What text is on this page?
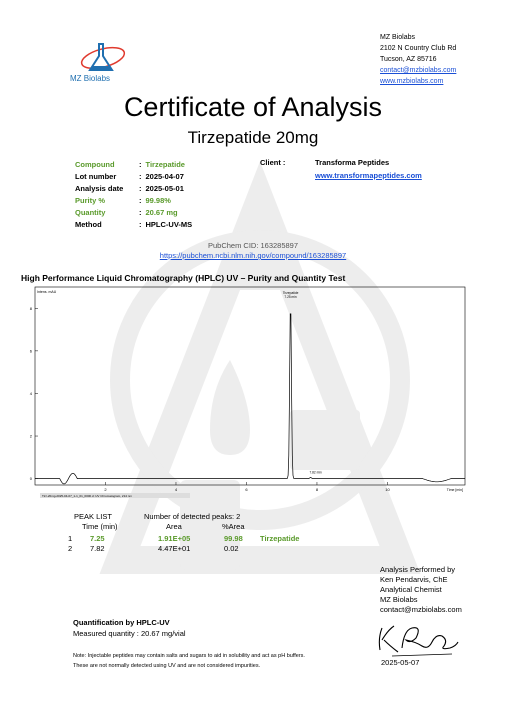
MZ Biolabs
MZ Biolabs
2102 N Country Club Rd
Tucson, AZ 85716
contact@mzbiolabs.com
www.mzbiolabs.com
Certificate of Analysis
Tirzepatide 20mg
Compound	:	Tirzepatide
Lot number	:	2025-04-07
Analysis date	:	2025-05-01
Purity %	:	99.98%
Quantity	:	20.67 mg
Method	:	HPLC-UV-MS
Client :	Transforma Peptides
www.transformapeptides.com
PubChem CID: 163285897
https://pubchem.ncbi.nlm.nih.gov/compound/163285897
High Performance Liquid Chromatography (HPLC) UV – Purity and Quantity Test
Intens. mAU
0
2
4
6
8
2	4	6	8	10	Time [min]
Tirzepatide
7.25 min
7.82 min
Tirz-20mg-2025-04-07_1-1_01_0000.d: UV Chromatogram, 214 nm
PEAK LIST	Number of detected peaks: 2
Time (min)	Area	%Area
1 7.25	1.91E+05	99.98 Tirzepatide
2 7.82	4.47E+01	0.02
Analysis Performed by
Ken Pendarvis, ChE
Analytical Chemist
MZ Biolabs
contact@mzbiolabs.com
Quantification by HPLC-UV
Measured quantity : 20.67 mg/vial
Note: Injectable peptides may contain salts and sugars to aid in solubility and act as pH buffers.
These are not normally detected using UV and are not considered impurities.	2025-05-07
